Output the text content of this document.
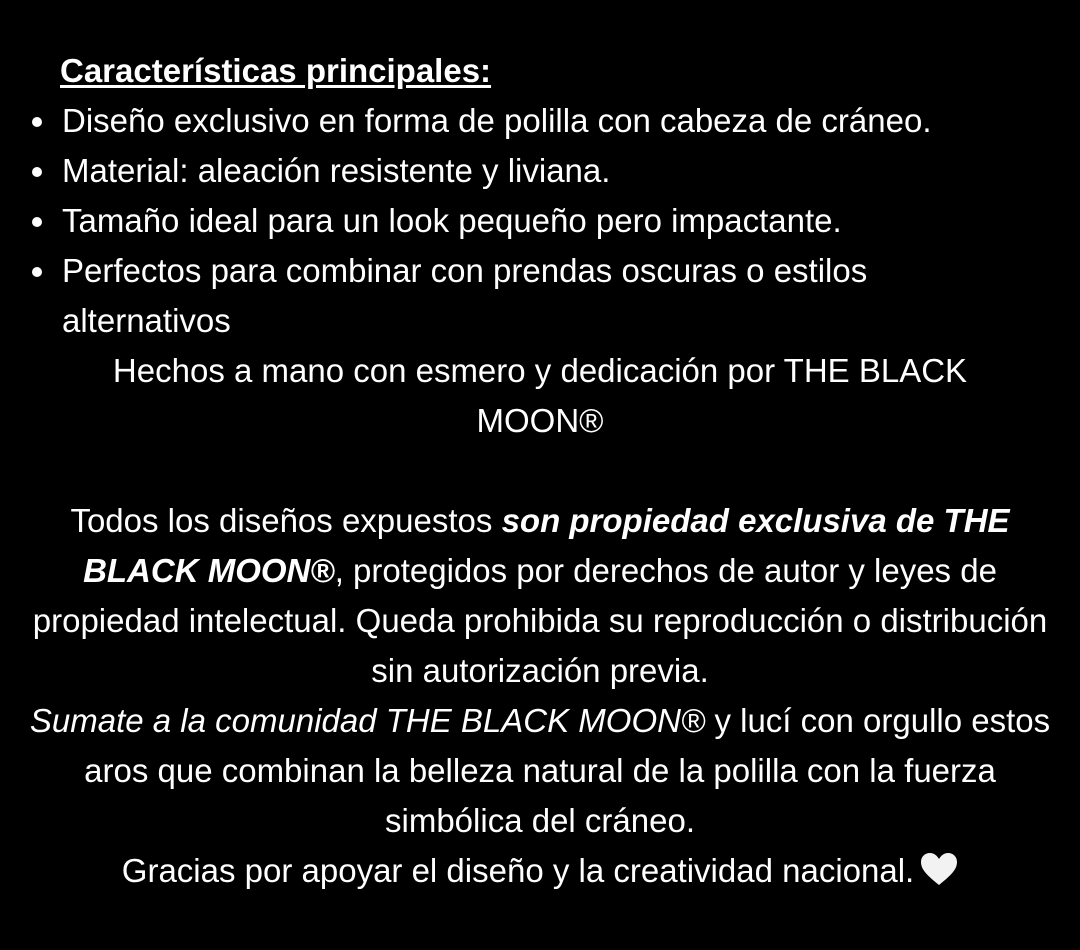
Características principales:

Diseño exclusivo en forma de polilla con cabeza de cráneo.
Material: aleación resistente y liviana.
Tamaño ideal para un look pequeño pero impactante.
Perfectos para combinar con prendas oscuras o estilos alternativos

Hechos a mano con esmero y dedicación por THE BLACK MOON®

Todos los diseños expuestos son propiedad exclusiva de THE BLACK MOON®, protegidos por derechos de autor y leyes de propiedad intelectual. Queda prohibida su reproducción o distribución sin autorización previa.

Sumate a la comunidad THE BLACK MOON® y lucí con orgullo estos aros que combinan la belleza natural de la polilla con la fuerza simbólica del cráneo.

Gracias por apoyar el diseño y la creatividad nacional.
